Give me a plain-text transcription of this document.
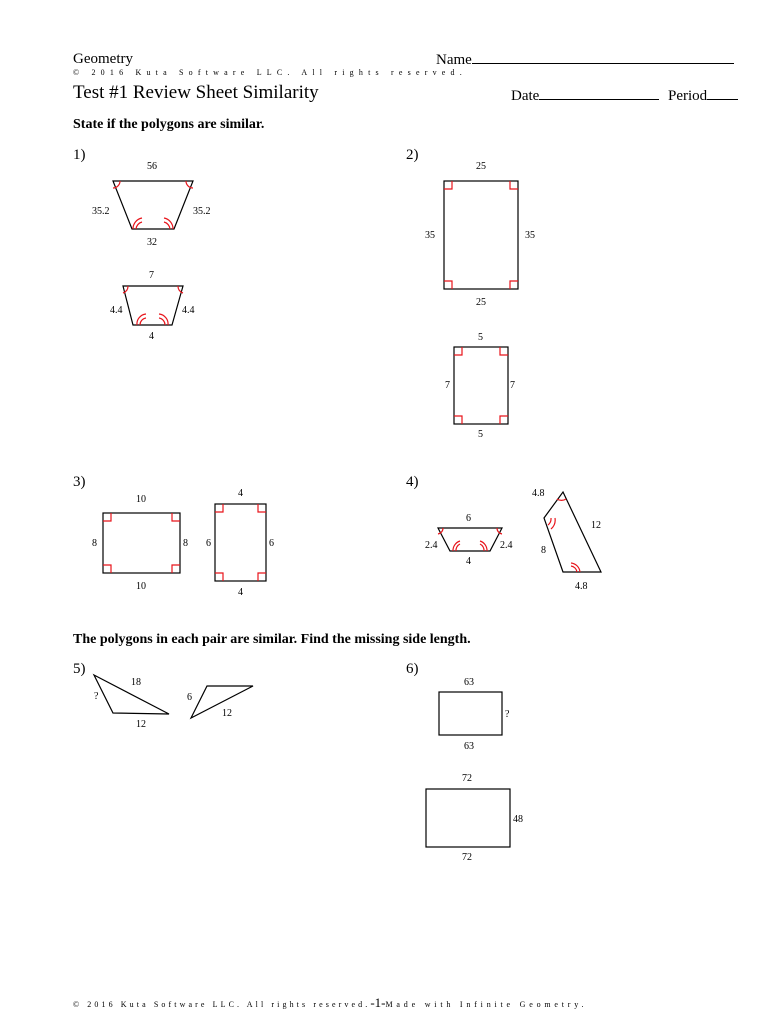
Geometry	Name
© 2016 Kuta Software LLC. All rights reserved.
Test #1 Review Sheet Similarity	Date	Period
State if the polygons are similar.
1)	2)
3)	4)
5)	6)
56
35.2	35.2
32
7
4.4	4.4
4
25
35	35
25
5
7	7
5
10
8	8
10
4
6	6
4
6
2.4	2.4
4
4.8
12
8
4.8
The polygons in each pair are similar. Find the missing side length.
18
?
12
6
12
63
?
63
72
48
72
© 2016 Kuta Software LLC. All rights reserved.-1-Made with Infinite Geometry.
